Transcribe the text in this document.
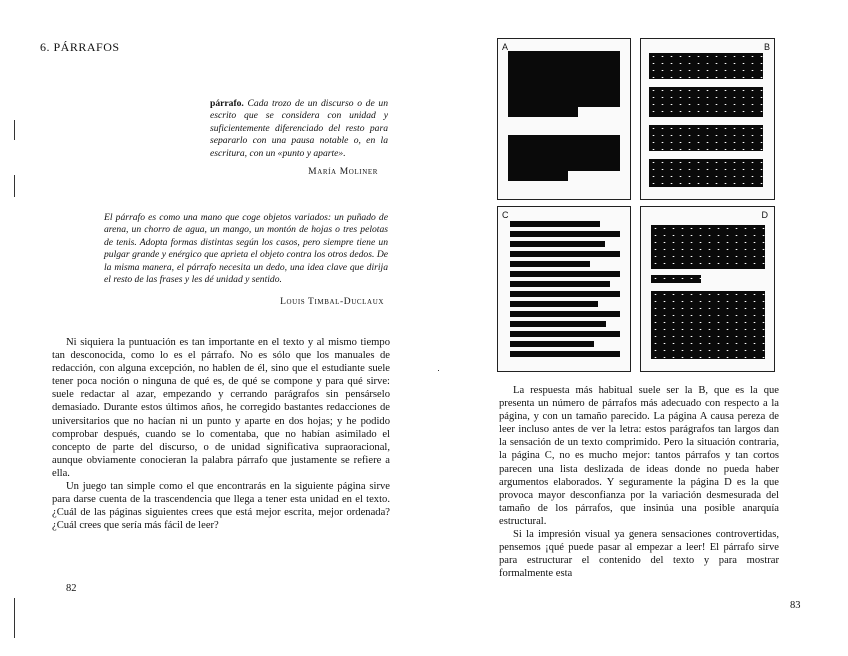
6. PÁRRAFOS
párrafo. Cada trozo de un discurso o de un escrito que se considera con unidad y suficientemente diferenciado del resto para separarlo con una pausa notable o, en la escritura, con un «punto y aparte».
María Moliner
El párrafo es como una mano que coge objetos variados: un puñado de arena, un chorro de agua, un mango, un montón de hojas o tres pelotas de tenis. Adopta formas distintas según los casos, pero siempre tiene un pulgar grande y enérgico que aprieta el objeto contra los otros dedos. De la misma manera, el párrafo necesita un dedo, una idea clave que dirija el resto de las frases y les dé unidad y sentido.
Louis Timbal-Duclaux

Ni siquiera la puntuación es tan importante en el texto y al mismo tiempo tan desconocida, como lo es el párrafo. No es sólo que los manuales de redacción, con alguna excepción, no hablen de él, sino que el estudiante suele tener poca noción o ninguna de qué es, de qué se compone y para qué sirve: suele redactar al azar, empezando y cerrando parágrafos sin pensárselo demasiado. Durante estos últimos años, he corregido bastantes redacciones de universitarios que no hacían ni un punto y aparte en dos hojas; y he podido comprobar después, cuando se lo comentaba, que no habían asimilado el concepto de parte del discurso, o de unidad significativa supraoracional, aunque obviamente conocieran la palabra párrafo que justamente se refiere a ella.

Un juego tan simple como el que encontrarás en la siguiente página sirve para darse cuenta de la trascendencia que llega a tener esta unidad en el texto. ¿Cuál de las páginas siguientes crees que está mejor escrita, mejor ordenada? ¿Cuál crees que sería más fácil de leer?

82
A	B
C	D

La respuesta más habitual suele ser la B, que es la que presenta un número de párrafos más adecuado con respecto a la página, y con un tamaño parecido. La página A causa pereza de leer incluso antes de ver la letra: estos parágrafos tan largos dan la sensación de un texto comprimido. Pero la situación contraria, la página C, no es mucho mejor: tantos párrafos y tan cortos parecen una lista deslizada de ideas donde no pueda haber argumentos elaborados. Y seguramente la página D es la que provoca mayor desconfianza por la variación desmesurada del tamaño de los párrafos, que insinúa una posible anarquía estructural.

Si la impresión visual ya genera sensaciones controvertidas, pensemos ¡qué puede pasar al empezar a leer! El párrafo sirve para estructurar el contenido del texto y para mostrar formalmente esta

83
